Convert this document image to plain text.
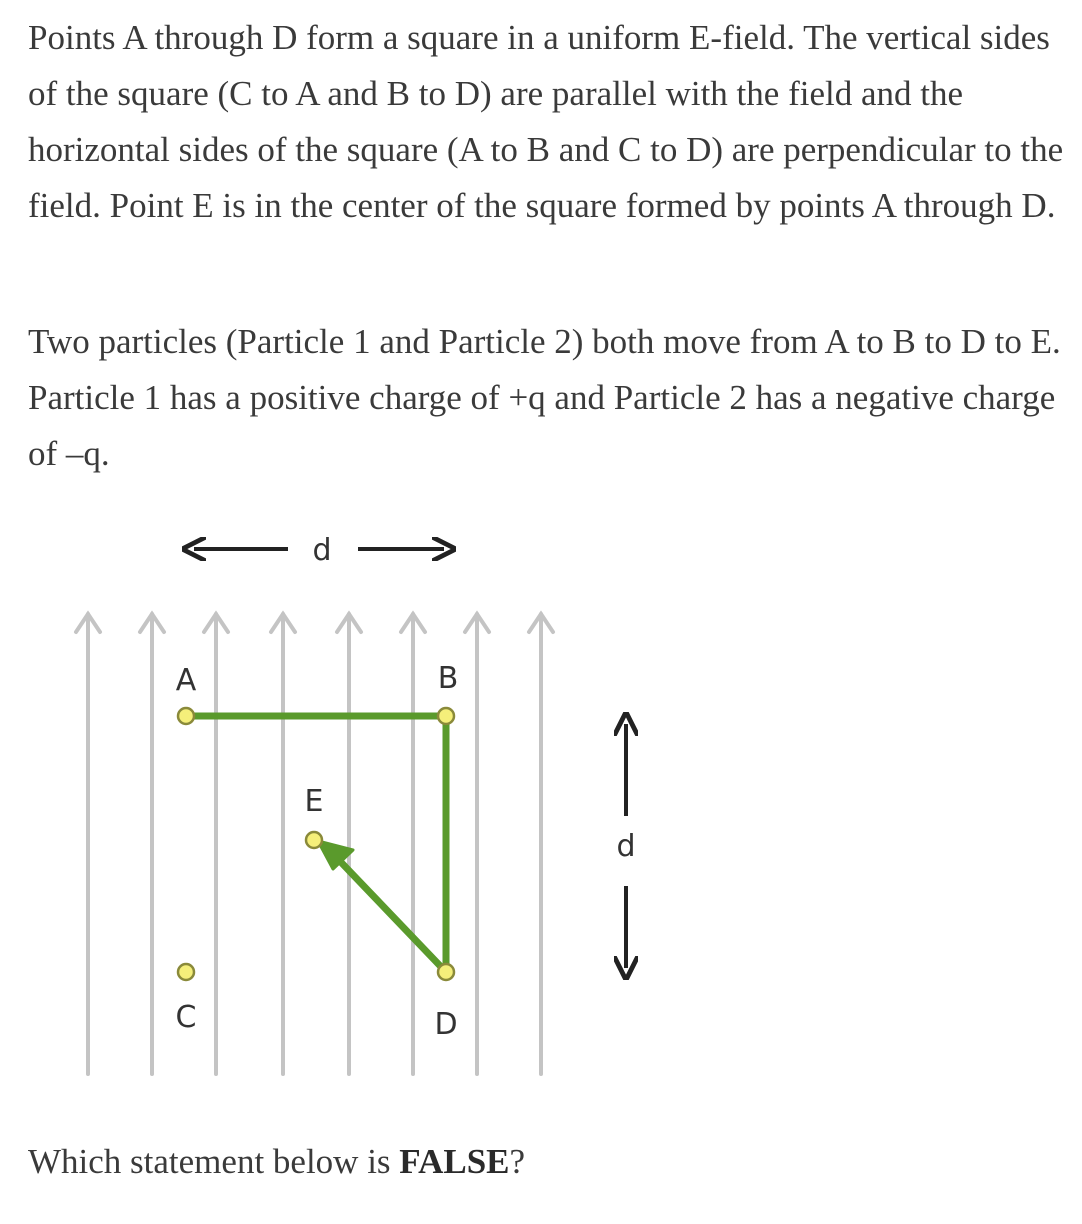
Points A through D form a square in a uniform E-field. The vertical sides of the square (C to A and B to D) are parallel with the field and the horizontal sides of the square (A to B and C to D) are perpendicular to the field. Point E is in the center of the square formed by points A through D.

Two particles (Particle 1 and Particle 2) both move from A to B to D to E. Particle 1 has a positive charge of +q and Particle 2 has a negative charge of –q.

d
A	B
E
C	D
d

Which statement below is FALSE?
